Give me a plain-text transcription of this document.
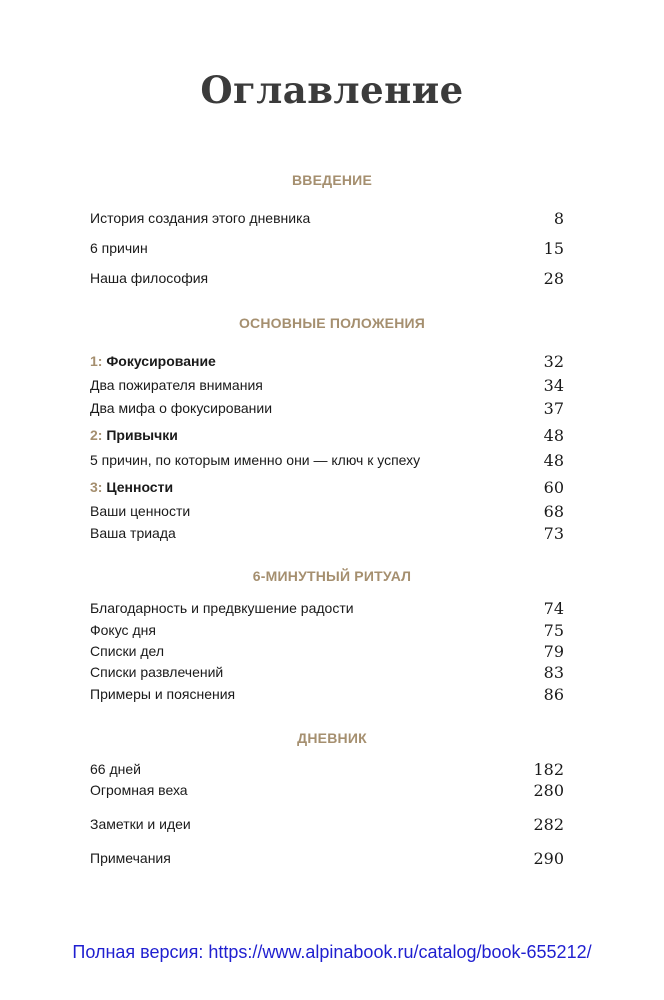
Оглавление
ВВЕДЕНИЕ
История создания этого дневника	8
6 причин	15
Наша философия	28
ОСНОВНЫЕ ПОЛОЖЕНИЯ
1: Фокусирование	32
Два пожирателя внимания	34
Два мифа о фокусировании	37
2: Привычки	48
5 причин, по которым именно они — ключ к успеху	48
3: Ценности	60
Ваши ценности	68
Ваша триада	73
6-МИНУТНЫЙ РИТУАЛ
Благодарность и предвкушение радости	74
Фокус дня	75
Списки дел	79
Списки развлечений	83
Примеры и пояснения	86
ДНЕВНИК
66 дней	182
Огромная веха	280
Заметки и идеи	282
Примечания	290
Полная версия: https://www.alpinabook.ru/catalog/book-655212/
